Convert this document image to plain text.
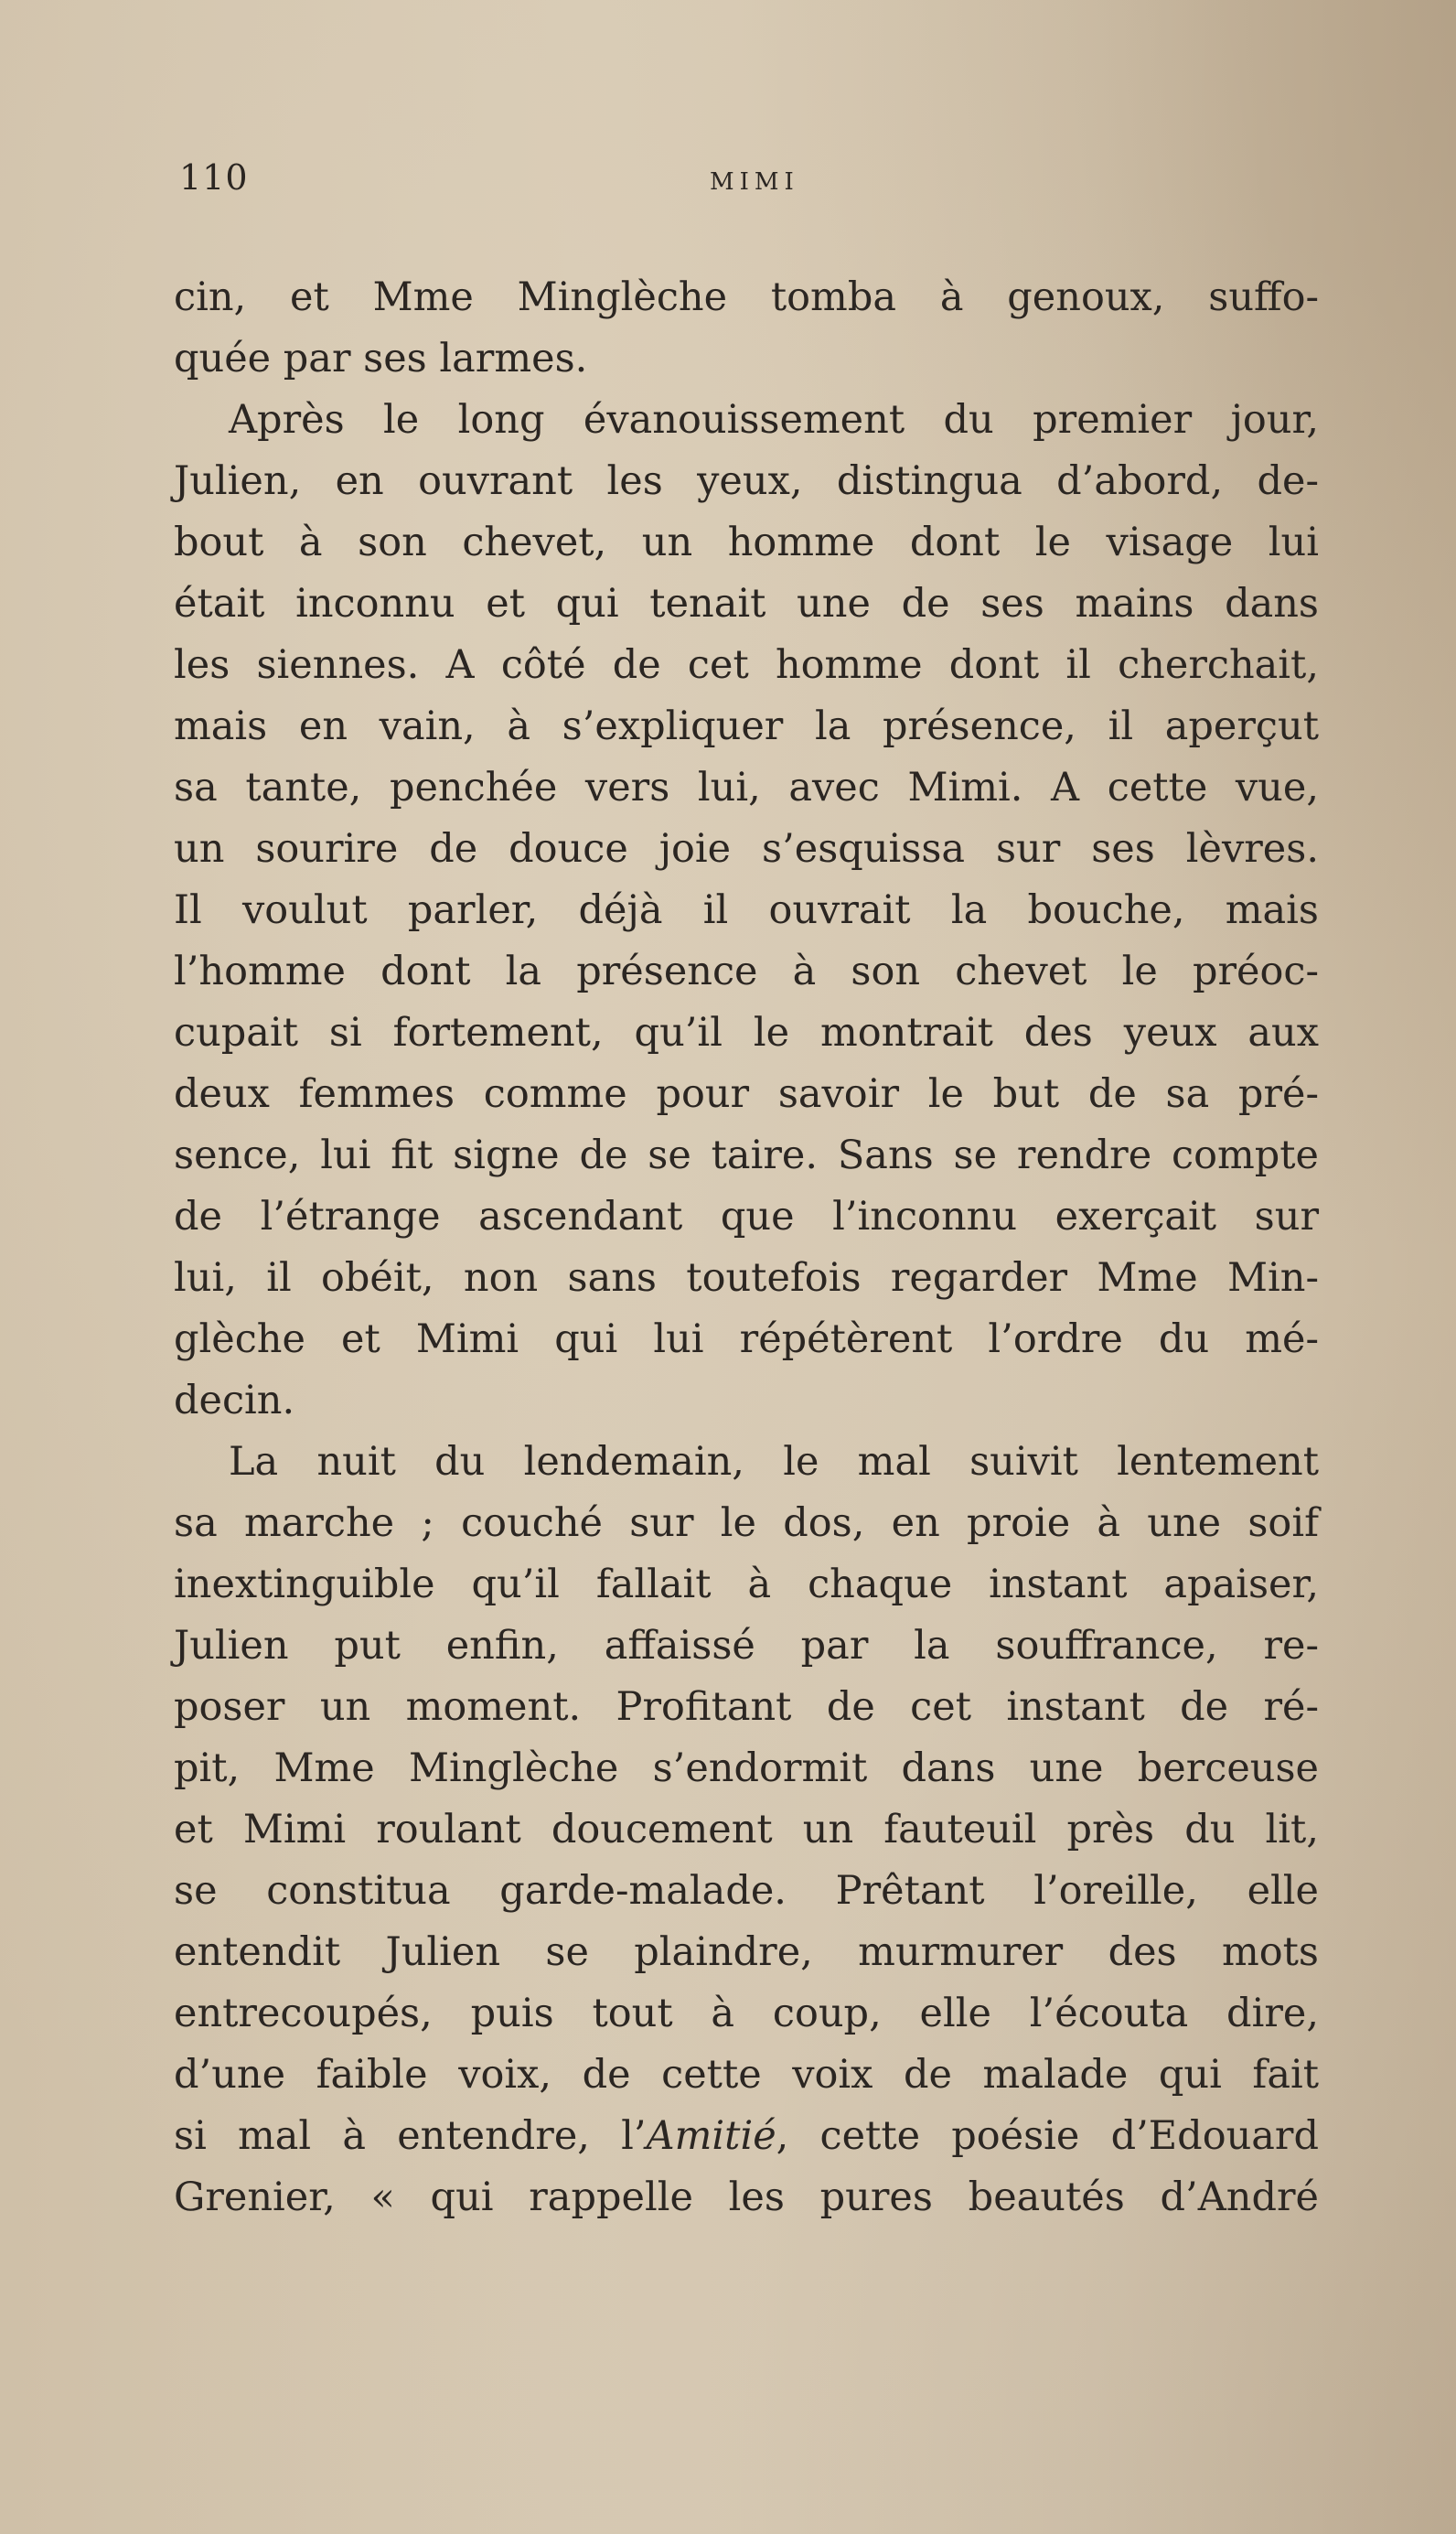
110	MIMI
cin, et Mme Minglèche tomba à genoux, suffo-
quée par ses larmes.
Après le long évanouissement du premier jour,
Julien, en ouvrant les yeux, distingua d’abord, de-
bout à son chevet, un homme dont le visage lui
était inconnu et qui tenait une de ses mains dans
les siennes. A côté de cet homme dont il cherchait,
mais en vain, à s’expliquer la présence, il aperçut
sa tante, penchée vers lui, avec Mimi. A cette vue,
un sourire de douce joie s’esquissa sur ses lèvres.
Il voulut parler, déjà il ouvrait la bouche, mais
l’homme dont la présence à son chevet le préoc-
cupait si fortement, qu’il le montrait des yeux aux
deux femmes comme pour savoir le but de sa pré-
sence, lui fit signe de se taire. Sans se rendre compte
de l’étrange ascendant que l’inconnu exerçait sur
lui, il obéit, non sans toutefois regarder Mme Min-
glèche et Mimi qui lui répétèrent l’ordre du mé-
decin.
La nuit du lendemain, le mal suivit lentement
sa marche ; couché sur le dos, en proie à une soif
inextinguible qu’il fallait à chaque instant apaiser,
Julien put enfin, affaissé par la souffrance, re-
poser un moment. Profitant de cet instant de ré-
pit, Mme Minglèche s’endormit dans une berceuse
et Mimi roulant doucement un fauteuil près du lit,
se constitua garde-malade. Prêtant l’oreille, elle
entendit Julien se plaindre, murmurer des mots
entrecoupés, puis tout à coup, elle l’écouta dire,
d’une faible voix, de cette voix de malade qui fait
si mal à entendre, l’Amitié, cette poésie d’Edouard
Grenier, « qui rappelle les pures beautés d’André
